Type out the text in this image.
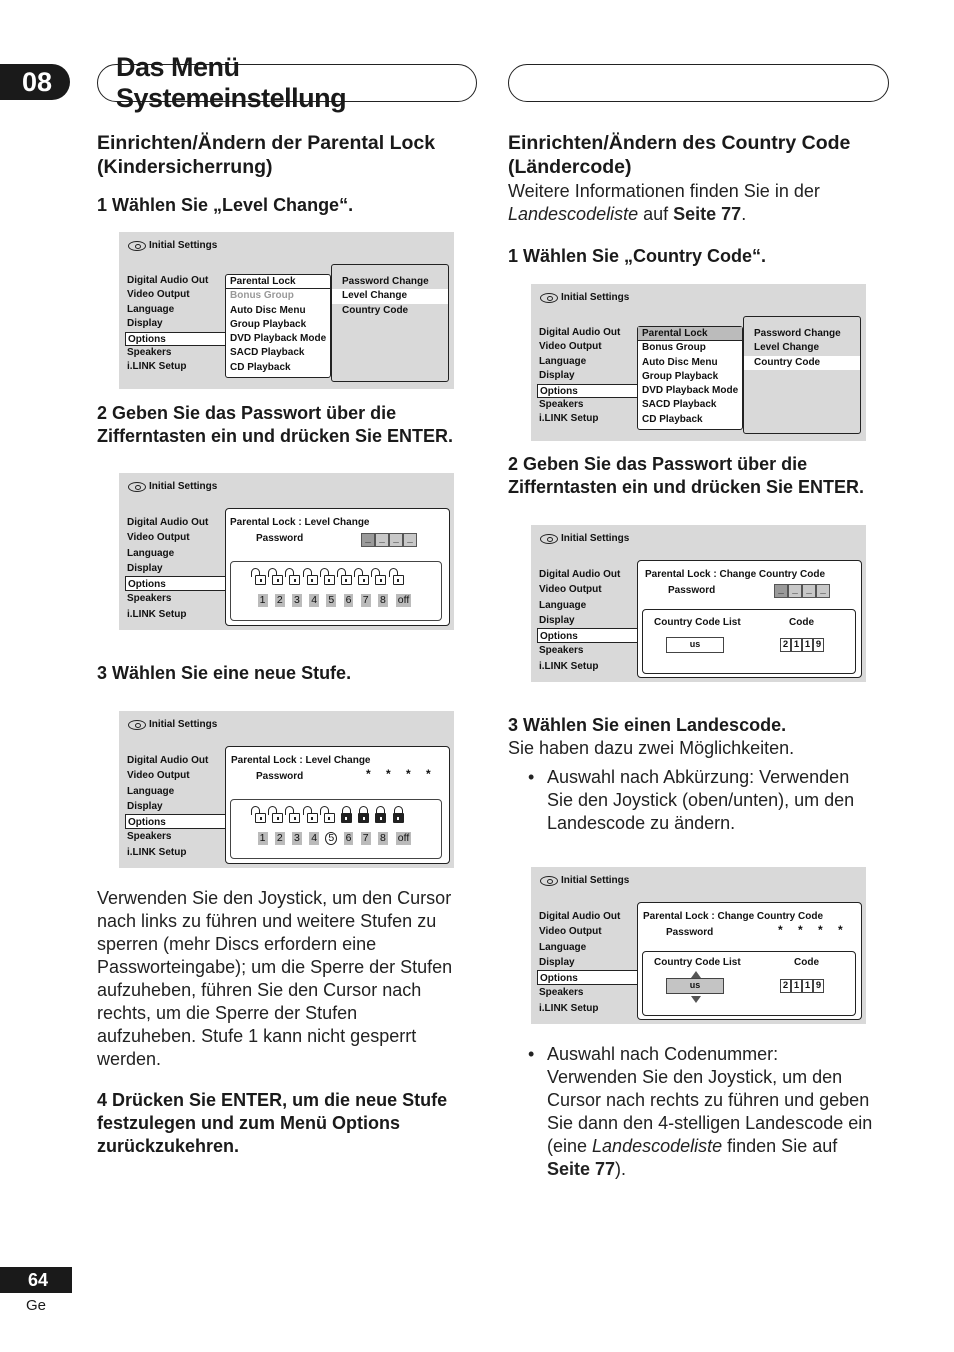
08 Das Menü Systemeinstellung
Einrichten/Ändern der Parental Lock
(Kindersicherrung)
1 Wählen Sie „Level Change“.
Initial Settings
Digital Audio Out
Video Output
Language
Display
Options
Speakers
i.LINK Setup
Parental Lock
Bonus Group
Auto Disc Menu
Group Playback
DVD Playback Mode
SACD Playback
CD Playback
Password Change
Level Change
Country Code
2 Geben Sie das Passwort über die
Zifferntasten ein und drücken Sie ENTER.
Initial Settings
Digital Audio Out
Video Output
Language
Display
Options
Speakers
i.LINK Setup
Parental Lock : Level Change
Password	_ _ _ _
1	2	3	4	5	6	7	8	off
3 Wählen Sie eine neue Stufe.
Initial Settings
Digital Audio Out
Video Output
Language
Display
Options
Speakers
i.LINK Setup
Parental Lock : Level Change
Password	* * * *
1	2	3	4	5	6	7	8	off
Verwenden Sie den Joystick, um den Cursor
nach links zu führen und weitere Stufen zu
sperren (mehr Discs erfordern eine
Passworteingabe); um die Sperre der Stufen
aufzuheben, führen Sie den Cursor nach
rechts, um die Sperre der Stufen
aufzuheben. Stufe 1 kann nicht gesperrt
werden.
4 Drücken Sie ENTER, um die neue Stufe
festzulegen und zum Menü Options
zurückzukehren.
Einrichten/Ändern des Country Code
(Ländercode)
Weitere Informationen finden Sie in der
Landescodeliste auf Seite 77.
1 Wählen Sie „Country Code“.
Initial Settings
Digital Audio Out
Video Output
Language
Display
Options
Speakers
i.LINK Setup
Parental Lock
Bonus Group
Auto Disc Menu
Group Playback
DVD Playback Mode
SACD Playback
CD Playback
Password Change
Level Change
Country Code
2 Geben Sie das Passwort über die
Zifferntasten ein und drücken Sie ENTER.
Initial Settings
Digital Audio Out
Video Output
Language
Display
Options
Speakers
i.LINK Setup
Parental Lock : Change Country Code
Password	_ _ _ _
Country Code List	Code
us	2 1 1 9
3 Wählen Sie einen Landescode.
Sie haben dazu zwei Möglichkeiten.
• Auswahl nach Abkürzung: Verwenden
Sie den Joystick (oben/unten), um den
Landescode zu ändern.
Initial Settings
Digital Audio Out
Video Output
Language
Display
Options
Speakers
i.LINK Setup
Parental Lock : Change Country Code
Password	* * * *
Country Code List	Code
us	2 1 1 9
• Auswahl nach Codenummer:
Verwenden Sie den Joystick, um den
Cursor nach rechts zu führen und geben
Sie dann den 4-stelligen Landescode ein
(eine Landescodeliste finden Sie auf
Seite 77).
64
Ge
